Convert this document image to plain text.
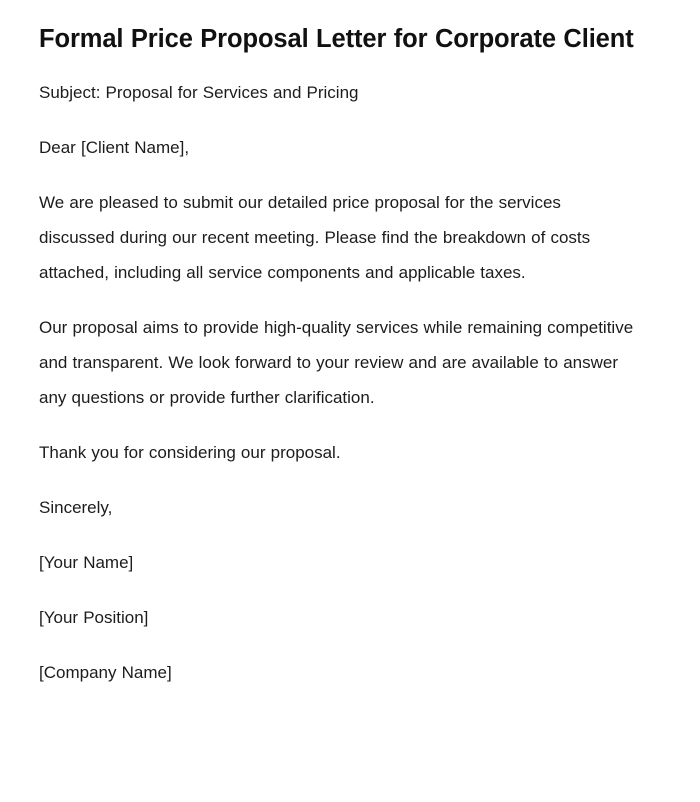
Formal Price Proposal Letter for Corporate Client

Subject: Proposal for Services and Pricing

Dear [Client Name],

We are pleased to submit our detailed price proposal for the services discussed during our recent meeting. Please find the breakdown of costs attached, including all service components and applicable taxes.

Our proposal aims to provide high-quality services while remaining competitive and transparent. We look forward to your review and are available to answer any questions or provide further clarification.

Thank you for considering our proposal.

Sincerely,

[Your Name]

[Your Position]

[Company Name]
